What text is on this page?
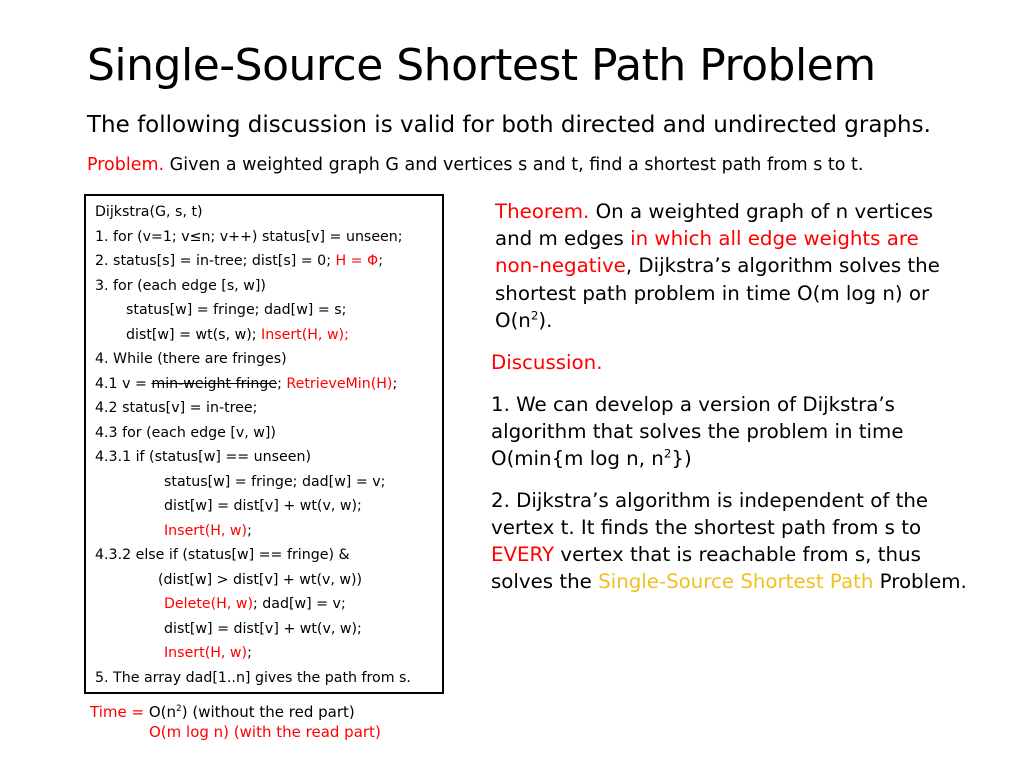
Single-Source Shortest Path Problem
The following discussion is valid for both directed and undirected graphs.
Problem. Given a weighted graph G and vertices s and t, find a shortest path from s to t.
Dijkstra(G, s, t)
1. for (v=1; v≤n; v++) status[v] = unseen;
2. status[s] = in-tree; dist[s] = 0; H = Φ;
3. for (each edge [s, w])
status[w] = fringe; dad[w] = s;
dist[w] = wt(s, w); Insert(H, w);
4. While (there are fringes)
4.1 v = min-weight fringe; RetrieveMin(H);
4.2 status[v] = in-tree;
4.3 for (each edge [v, w])
4.3.1 if (status[w] == unseen)
status[w] = fringe; dad[w] = v;
dist[w] = dist[v] + wt(v, w);
Insert(H, w);
4.3.2 else if (status[w] == fringe) &
(dist[w] > dist[v] + wt(v, w))
Delete(H, w); dad[w] = v;
dist[w] = dist[v] + wt(v, w);
Insert(H, w);
5. The array dad[1..n] gives the path from s.
Time = $O(n^2)$ (without the red part)
O(m log n) (with the read part)
Theorem. On a weighted graph of n vertices
and m edges in which all edge weights are
non-negative, Dijkstra’s algorithm solves the
shortest path problem in time O(m log n) or
$O(n^2)$.
Discussion.
1. We can develop a version of Dijkstra’s
algorithm that solves the problem in time
O(min{m log n, $n^2$})
2. Dijkstra’s algorithm is independent of the
vertex t. It finds the shortest path from s to
EVERY vertex that is reachable from s, thus
solves the Single-Source Shortest Path Problem.
